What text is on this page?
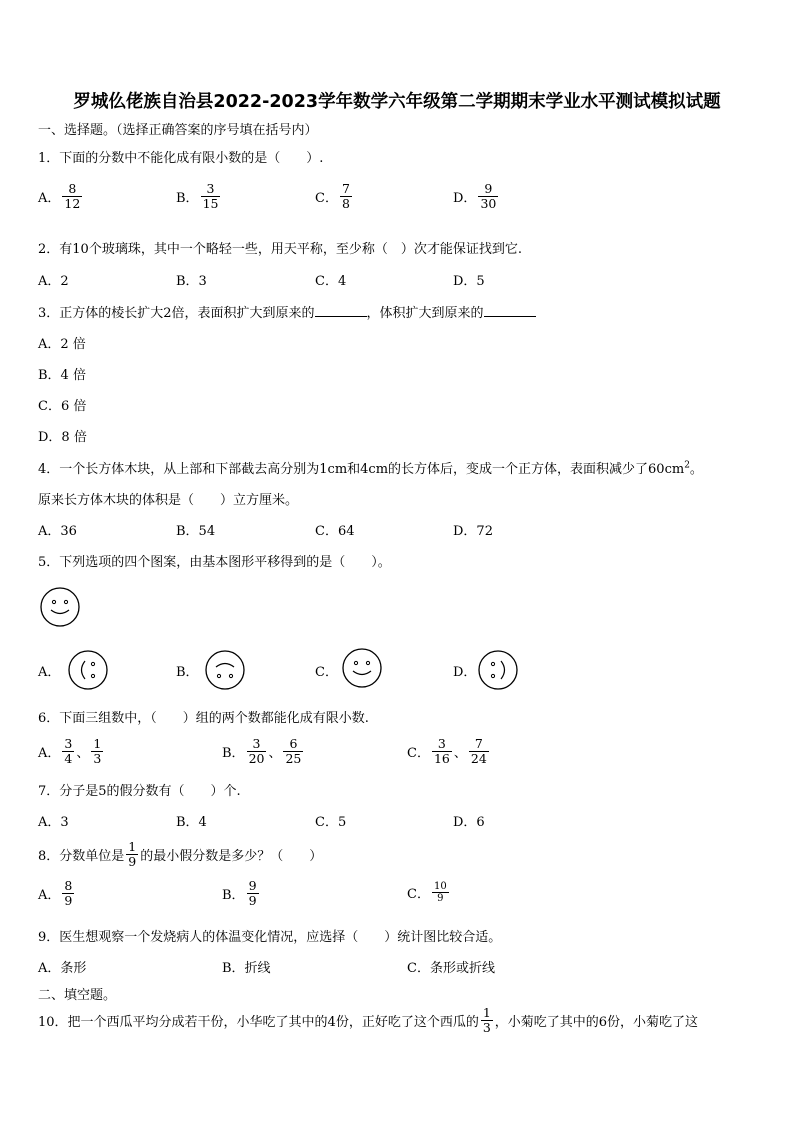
罗城仫佬族自治县2022-2023学年数学六年级第二学期期末学业水平测试模拟试题
一、选择题。（选择正确答案的序号填在括号内）
1．下面的分数中不能化成有限小数的是（　　）.
A． $\frac{8}{12}$	B． $\frac{3}{15}$	C． $\frac{7}{8}$	D． $\frac{9}{30}$
2．有10个玻璃珠，其中一个略轻一些，用天平称，至少称（　）次才能保证找到它.
A．2	B．3	C．4	D．5
3．正方体的棱长扩大2倍，表面积扩大到原来的	，体积扩大到原来的
A．2 倍
B．4 倍
C．6 倍
D．8 倍
4．一个长方体木块，从上部和下部截去高分别为1cm和4cm的长方体后，变成一个正方体，表面积减少了$60cm^2$。
原来长方体木块的体积是（　　）立方厘米。
A．36	B．54	C．64	D．72
5．下列选项的四个图案，由基本图形平移得到的是（　　）。
A．	B．	C．	D．
6．下面三组数中，（　　）组的两个数都能化成有限小数.
A． $\frac{3}{4}$ 、 $\frac{1}{3}$	B． $\frac{3}{20}$ 、 $\frac{6}{25}$	C． $\frac{3}{16}$ 、 $\frac{7}{24}$
7．分子是5的假分数有（　　）个.
A．3	B．4	C．5	D．6
8．分数单位是 $\frac{1}{9}$ 的最小假分数是多少？（　　）
A． $\frac{8}{9}$	B． $\frac{9}{9}$	C． $\frac{10}{9}$
9．医生想观察一个发烧病人的体温变化情况，应选择（　　）统计图比较合适。
A．条形	B．折线	C．条形或折线
二、填空题。
10．把一个西瓜平均分成若干份，小华吃了其中的4份，正好吃了这个西瓜的 $\frac{1}{3}$ ，小菊吃了其中的6份，小菊吃了这
